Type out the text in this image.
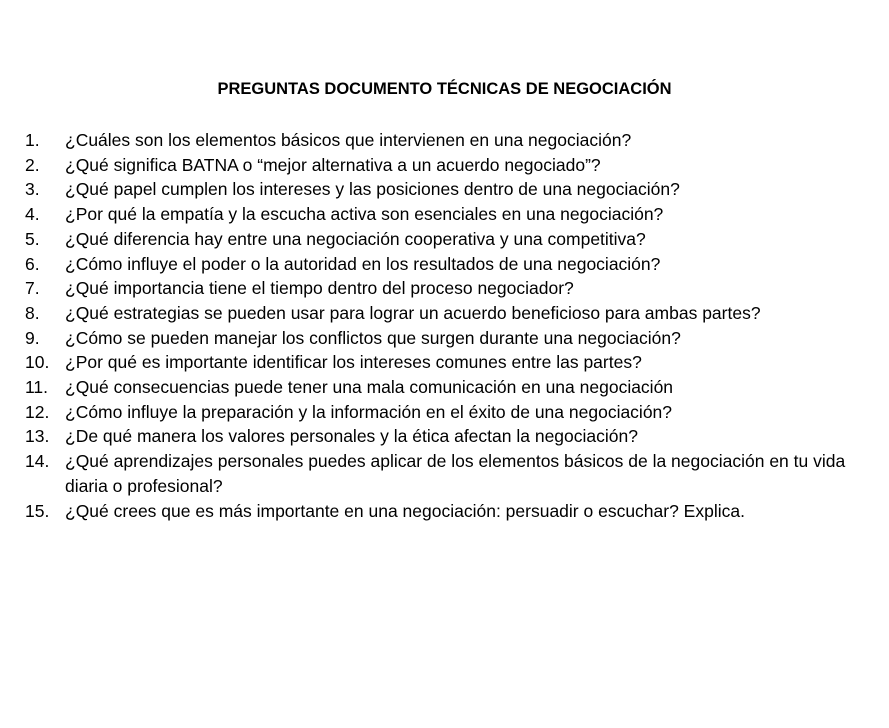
PREGUNTAS DOCUMENTO TÉCNICAS DE NEGOCIACIÓN
1.	¿Cuáles son los elementos básicos que intervienen en una negociación?
2.	¿Qué significa BATNA o “mejor alternativa a un acuerdo negociado”?
3.	¿Qué papel cumplen los intereses y las posiciones dentro de una negociación?
4.	¿Por qué la empatía y la escucha activa son esenciales en una negociación?
5.	¿Qué diferencia hay entre una negociación cooperativa y una competitiva?
6.	¿Cómo influye el poder o la autoridad en los resultados de una negociación?
7.	¿Qué importancia tiene el tiempo dentro del proceso negociador?
8.	¿Qué estrategias se pueden usar para lograr un acuerdo beneficioso para ambas partes?
9.	¿Cómo se pueden manejar los conflictos que surgen durante una negociación?
10. ¿Por qué es importante identificar los intereses comunes entre las partes?
11. ¿Qué consecuencias puede tener una mala comunicación en una negociación
12. ¿Cómo influye la preparación y la información en el éxito de una negociación?
13. ¿De qué manera los valores personales y la ética afectan la negociación?
14. ¿Qué aprendizajes personales puedes aplicar de los elementos básicos de la negociación en tu vida diaria o profesional?
15. ¿Qué crees que es más importante en una negociación: persuadir o escuchar? Explica.
